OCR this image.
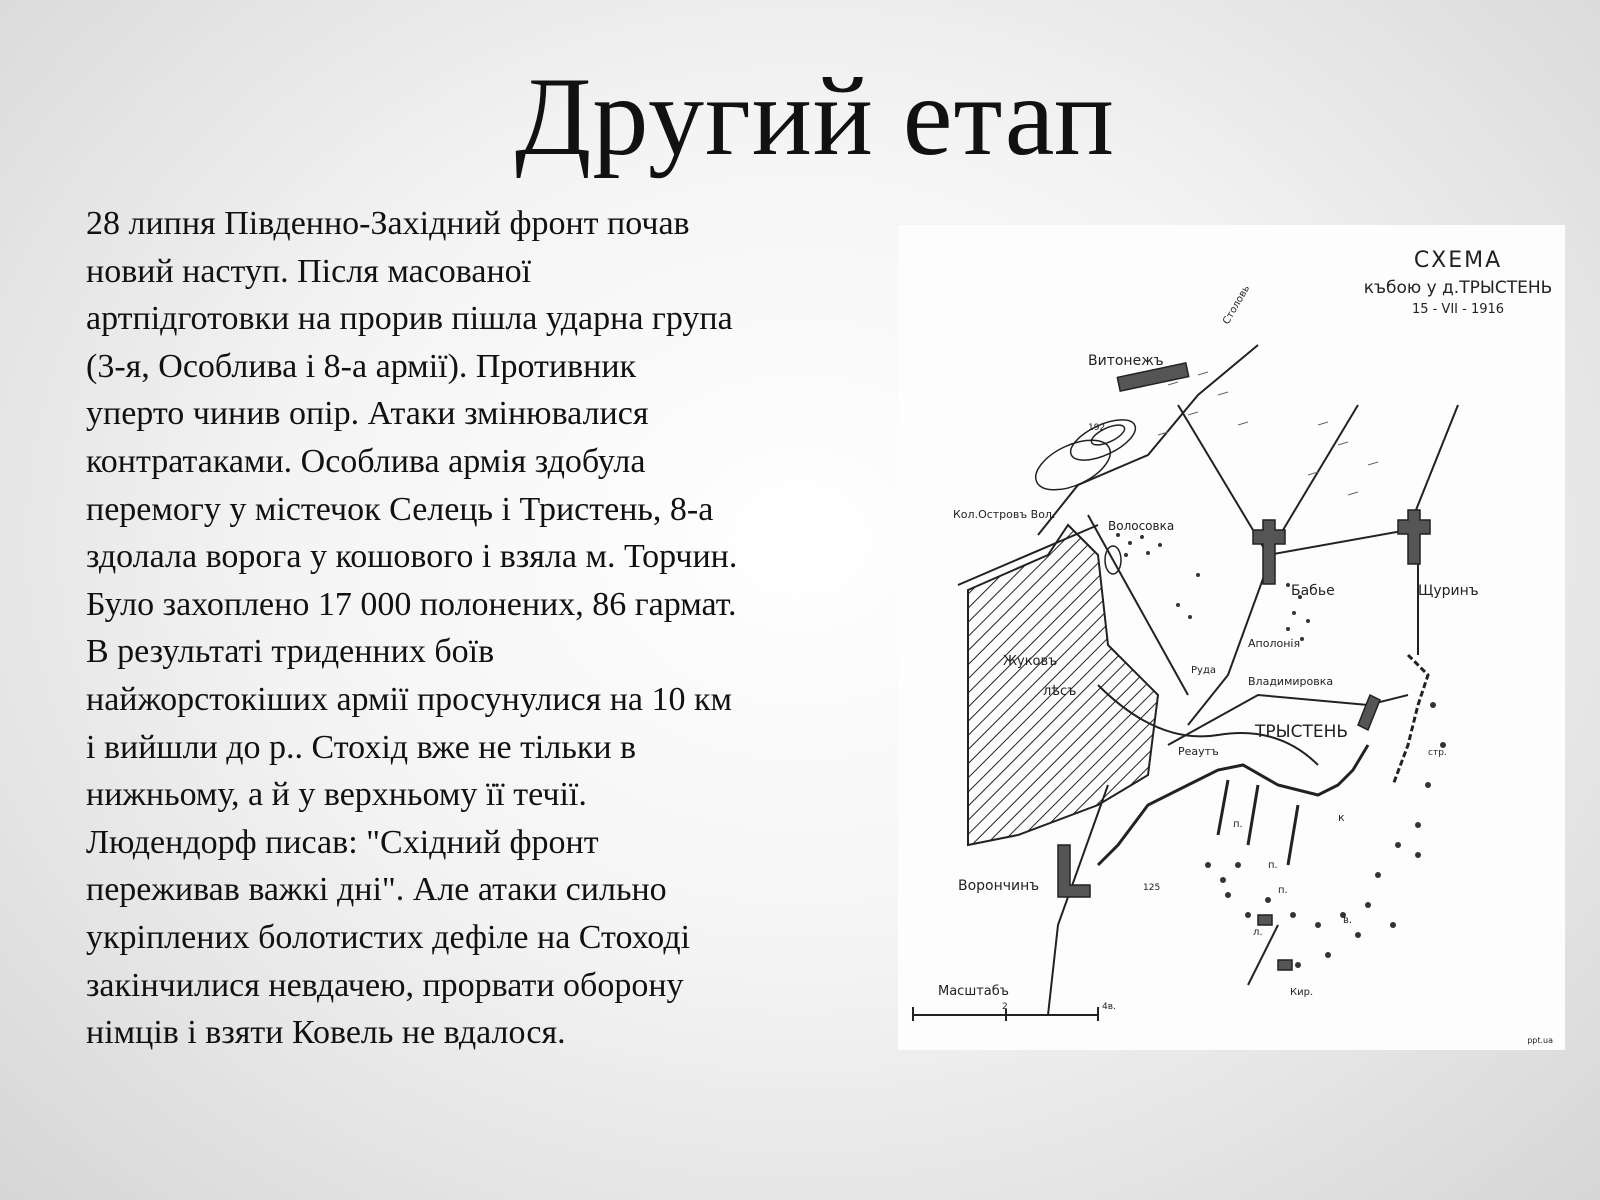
Другий етап
28 липня Південно-Західний фронт почав
новий наступ. Після масованої
артпідготовки на прорив пішла ударна група
(3-я, Особлива і 8-а армії). Противник
уперто чинив опір. Атаки змінювалися
контратаками. Особлива армія здобула
перемогу у містечок Селець і Тристень, 8-а
здолала ворога у кошового і взяла м. Торчин.
Було захоплено 17 000 полонених, 86 гармат.
В результаті триденних боїв
найжорстокіших армії просунулися на 10 км
і вийшли до р.. Стохід вже не тільки в
нижньому, а й у верхньому її течії.
Людендорф писав: "Східний фронт
переживав важкі дні". Але атаки сильно
укріплених болотистих дефіле на Стоході
закінчилися невдачею, прорвати оборону
німців і взяти Ковель не вдалося.
СХЕМА
къбою у д.ТРЫСТЕНЬ
15 - VII - 1916
192
Витонежъ
Столовь
Кол.Островъ Вол.
Волосовка
Бабье	Щуринъ
Аполонія
Владимировка
ТРЫСТЕНЬ
Жуковъ
лѣсъ
Руда
Реаутъ
Ворончинъ
Кир.
п.
п.
п.
к
в.
л.
стр.
125
Масштабъ
2	4в.
ppt.ua
